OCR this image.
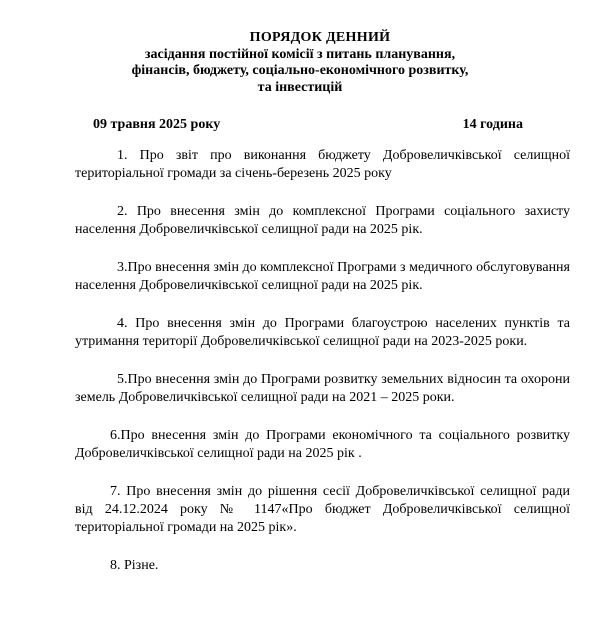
ПОРЯДОК ДЕННИЙ
засідання постійної комісії з питань планування,
фінансів, бюджету, соціально-економічного розвитку,
та інвестицій
09 травня 2025 року	14 година

1. Про звіт про виконання бюджету Добровеличківської селищної територіальної громади за січень-березень 2025 року

2. Про внесення змін до комплексної Програми соціального захисту населення Добровеличківської селищної ради на 2025 рік.

3.Про внесення змін до комплексної Програми з медичного обслуговування населення Добровеличківської селищної ради на 2025 рік.

4. Про внесення змін до Програми благоустрою населених пунктів та утримання території Добровеличківської селищної ради на 2023-2025 роки.

5.Про внесення змін до Програми розвитку земельних відносин та охорони земель Добровеличківської селищної ради на 2021 – 2025 роки.

6.Про внесення змін до Програми економічного та соціального розвитку Добровеличківської селищної ради на 2025 рік .

7. Про внесення змін до рішення сесії Добровеличківської селищної ради від 24.12.2024 року № 1147«Про бюджет Добровеличківської селищної територіальної громади на 2025 рік».

8. Різне.
